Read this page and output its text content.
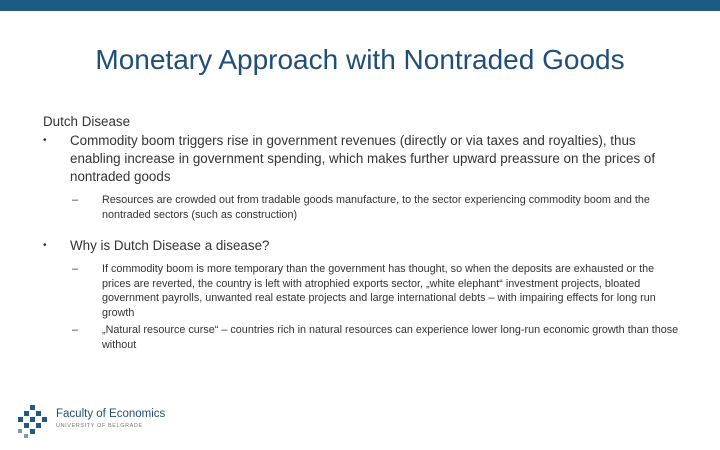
Monetary Approach with Nontraded Goods
Dutch Disease
• Commodity boom triggers rise in government revenues (directly or via taxes and royalties), thus enabling increase in government spending, which makes further upward preassure on the prices of nontraded goods
– Resources are crowded out from tradable goods manufacture, to the sector experiencing commodity boom and the nontraded sectors (such as construction)
• Why is Dutch Disease a disease?
– If commodity boom is more temporary than the government has thought, so when the deposits are exhausted or the prices are reverted, the country is left with atrophied exports sector, „white elephant“ investment projects, bloated government payrolls, unwanted real estate projects and large international debts – with impairing effects for long run growth
– „Natural resource curse“ – countries rich in natural resources can experience lower long-run economic growth than those without
Faculty of Economics
UNIVERSITY OF BELGRADE
